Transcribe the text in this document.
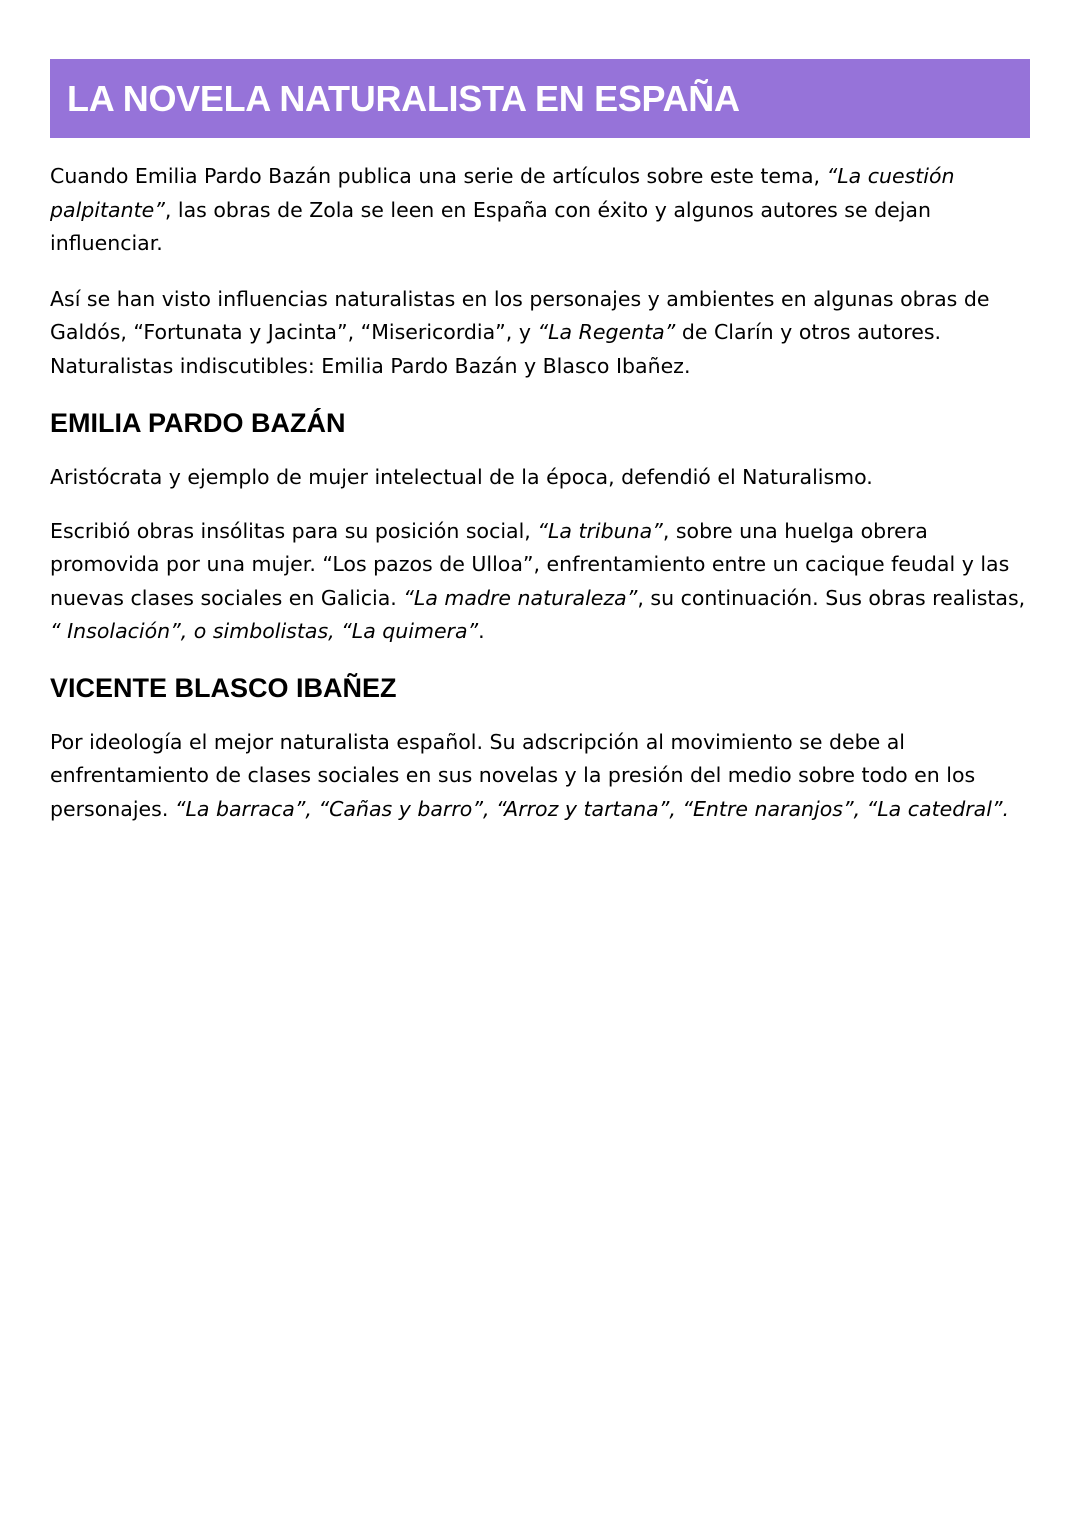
LA NOVELA NATURALISTA EN ESPAÑA

Cuando Emilia Pardo Bazán publica una serie de artículos sobre este tema, “La cuestión palpitante”, las obras de Zola se leen en España con éxito y algunos autores se dejan influenciar.

Así se han visto influencias naturalistas en los personajes y ambientes en algunas obras de Galdós, “Fortunata y Jacinta”, “Misericordia”, y “La Regenta” de Clarín y otros autores. Naturalistas indiscutibles: Emilia Pardo Bazán y Blasco Ibañez.

EMILIA PARDO BAZÁN

Aristócrata y ejemplo de mujer intelectual de la época, defendió el Naturalismo.

Escribió obras insólitas para su posición social, “La tribuna”, sobre una huelga obrera promovida por una mujer. “Los pazos de Ulloa”, enfrentamiento entre un cacique feudal y las nuevas clases sociales en Galicia. “La madre naturaleza”, su continuación. Sus obras realistas, “ Insolación”, o simbolistas, “La quimera”.

VICENTE BLASCO IBAÑEZ

Por ideología el mejor naturalista español. Su adscripción al movimiento se debe al enfrentamiento de clases sociales en sus novelas y la presión del medio sobre todo en los personajes. “La barraca”, “Cañas y barro”, “Arroz y tartana”, “Entre naranjos”, “La catedral”.
